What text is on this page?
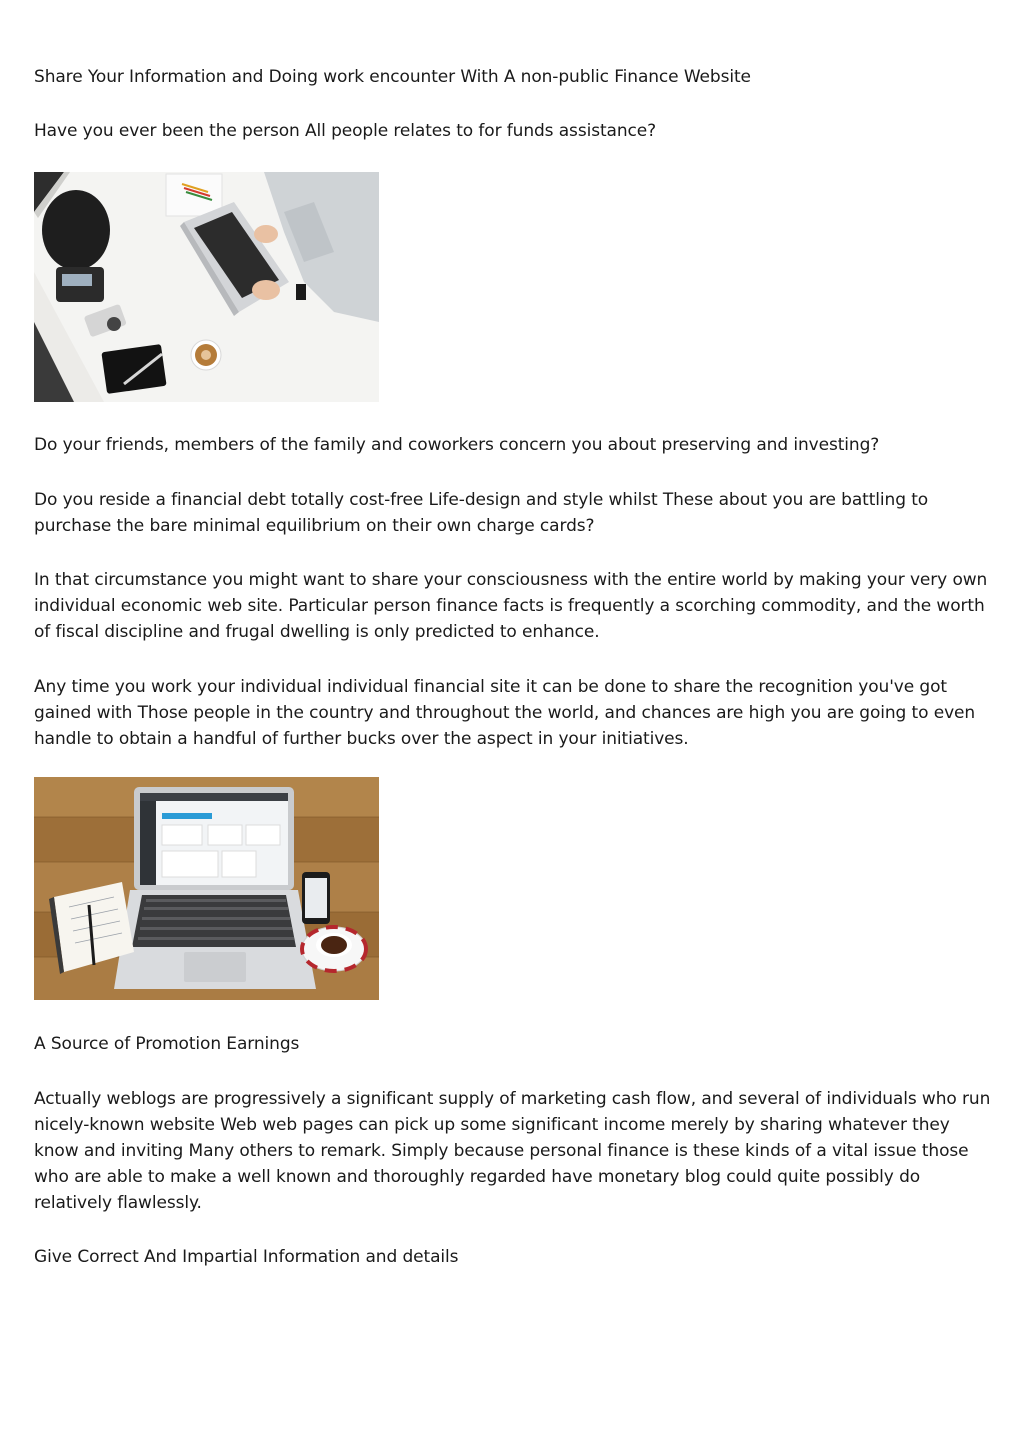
Share Your Information and Doing work encounter With A non-public Finance Website

Have you ever been the person All people relates to for funds assistance?

Do your friends, members of the family and coworkers concern you about preserving and investing?

Do you reside a financial debt totally cost-free Life-design and style whilst These about you are battling to purchase the bare minimal equilibrium on their own charge cards?

In that circumstance you might want to share your consciousness with the entire world by making your very own individual economic web site. Particular person finance facts is frequently a scorching commodity, and the worth of fiscal discipline and frugal dwelling is only predicted to enhance.

Any time you work your individual individual financial site it can be done to share the recognition you've got gained with Those people in the country and throughout the world, and chances are high you are going to even handle to obtain a handful of further bucks over the aspect in your initiatives.

A Source of Promotion Earnings

Actually weblogs are progressively a significant supply of marketing cash flow, and several of individuals who run nicely-known website Web web pages can pick up some significant income merely by sharing whatever they know and inviting Many others to remark. Simply because personal finance is these kinds of a vital issue those who are able to make a well known and thoroughly regarded have monetary blog could quite possibly do relatively flawlessly.

Give Correct And Impartial Information and details
